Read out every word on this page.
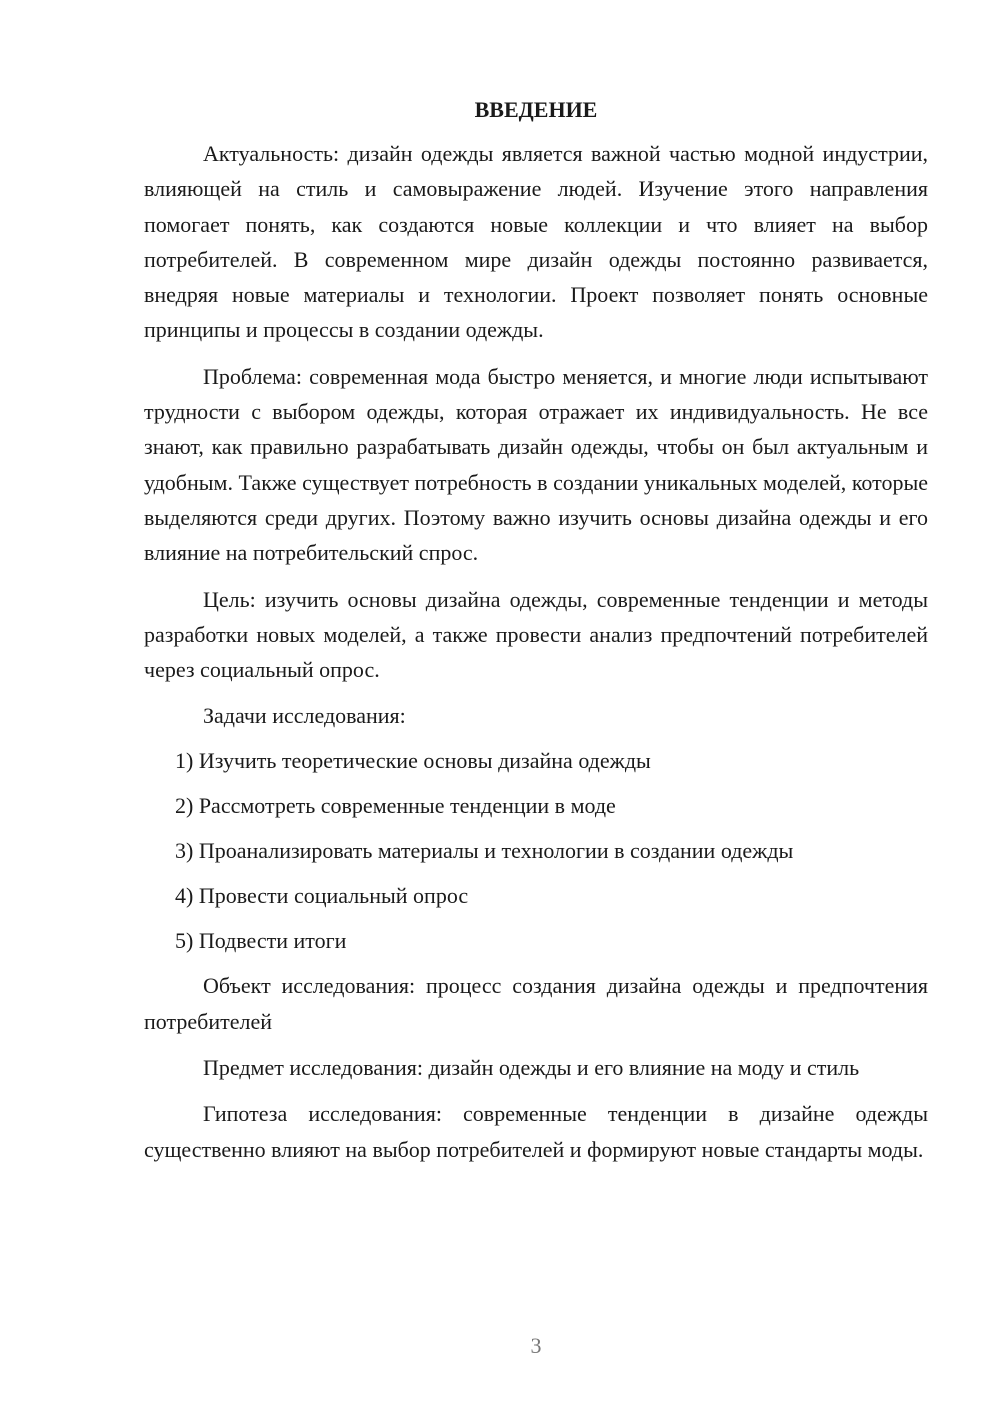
ВВЕДЕНИЕ

Актуальность: дизайн одежды является важной частью модной индустрии, влияющей на стиль и самовыражение людей. Изучение этого направления помогает понять, как создаются новые коллекции и что влияет на выбор потребителей. В современном мире дизайн одежды постоянно развивается, внедряя новые материалы и технологии. Проект позволяет понять основные принципы и процессы в создании одежды.

Проблема: современная мода быстро меняется, и многие люди испытывают трудности с выбором одежды, которая отражает их индивидуальность. Не все знают, как правильно разрабатывать дизайн одежды, чтобы он был актуальным и удобным. Также существует потребность в создании уникальных моделей, которые выделяются среди других. Поэтому важно изучить основы дизайна одежды и его влияние на потребительский спрос.

Цель: изучить основы дизайна одежды, современные тенденции и методы разработки новых моделей, а также провести анализ предпочтений потребителей через социальный опрос.

Задачи исследования:

1) Изучить теоретические основы дизайна одежды
2) Рассмотреть современные тенденции в моде
3) Проанализировать материалы и технологии в создании одежды
4) Провести социальный опрос
5) Подвести итоги

Объект исследования: процесс создания дизайна одежды и предпочтения потребителей

Предмет исследования: дизайн одежды и его влияние на моду и стиль

Гипотеза исследования: современные тенденции в дизайне одежды существенно влияют на выбор потребителей и формируют новые стандарты моды.

3
